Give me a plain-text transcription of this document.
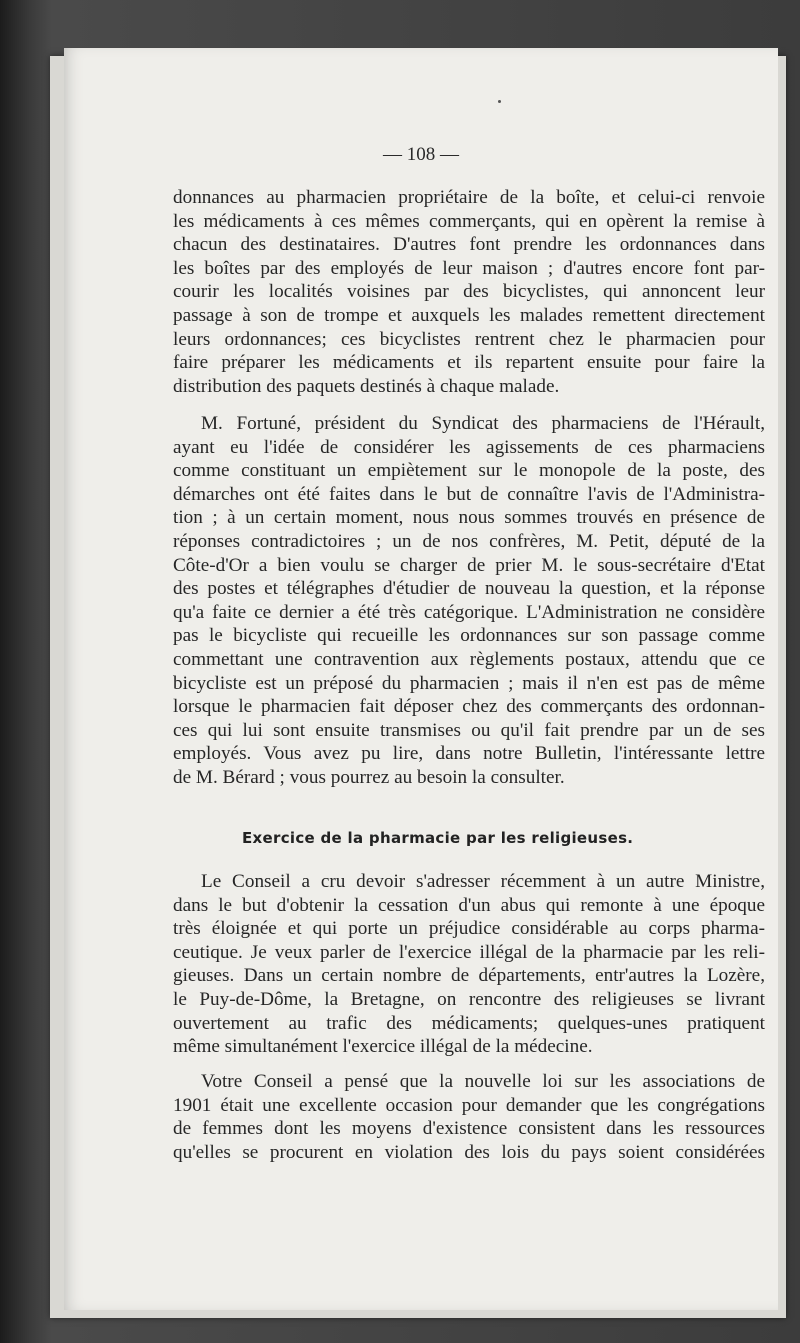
— 108 —
donnances au pharmacien propriétaire de la boîte, et celui-ci renvoie
les médicaments à ces mêmes commerçants, qui en opèrent la remise à
chacun des destinataires. D'autres font prendre les ordonnances dans
les boîtes par des employés de leur maison ; d'autres encore font par-
courir les localités voisines par des bicyclistes, qui annoncent leur
passage à son de trompe et auxquels les malades remettent directement
leurs ordonnances; ces bicyclistes rentrent chez le pharmacien pour
faire préparer les médicaments et ils repartent ensuite pour faire la
distribution des paquets destinés à chaque malade.
M. Fortuné, président du Syndicat des pharmaciens de l'Hérault,
ayant eu l'idée de considérer les agissements de ces pharmaciens
comme constituant un empiètement sur le monopole de la poste, des
démarches ont été faites dans le but de connaître l'avis de l'Administra-
tion ; à un certain moment, nous nous sommes trouvés en présence de
réponses contradictoires ; un de nos confrères, M. Petit, député de la
Côte-d'Or a bien voulu se charger de prier M. le sous-secrétaire d'Etat
des postes et télégraphes d'étudier de nouveau la question, et la réponse
qu'a faite ce dernier a été très catégorique. L'Administration ne considère
pas le bicycliste qui recueille les ordonnances sur son passage comme
commettant une contravention aux règlements postaux, attendu que ce
bicycliste est un préposé du pharmacien ; mais il n'en est pas de même
lorsque le pharmacien fait déposer chez des commerçants des ordonnan-
ces qui lui sont ensuite transmises ou qu'il fait prendre par un de ses
employés. Vous avez pu lire, dans notre Bulletin, l'intéressante lettre
de M. Bérard ; vous pourrez au besoin la consulter.
Exercice de la pharmacie par les religieuses.
Le Conseil a cru devoir s'adresser récemment à un autre Ministre,
dans le but d'obtenir la cessation d'un abus qui remonte à une époque
très éloignée et qui porte un préjudice considérable au corps pharma-
ceutique. Je veux parler de l'exercice illégal de la pharmacie par les reli-
gieuses. Dans un certain nombre de départements, entr'autres la Lozère,
le Puy-de-Dôme, la Bretagne, on rencontre des religieuses se livrant
ouvertement au trafic des médicaments; quelques-unes pratiquent
même simultanément l'exercice illégal de la médecine.
Votre Conseil a pensé que la nouvelle loi sur les associations de
1901 était une excellente occasion pour demander que les congrégations
de femmes dont les moyens d'existence consistent dans les ressources
qu'elles se procurent en violation des lois du pays soient considérées
